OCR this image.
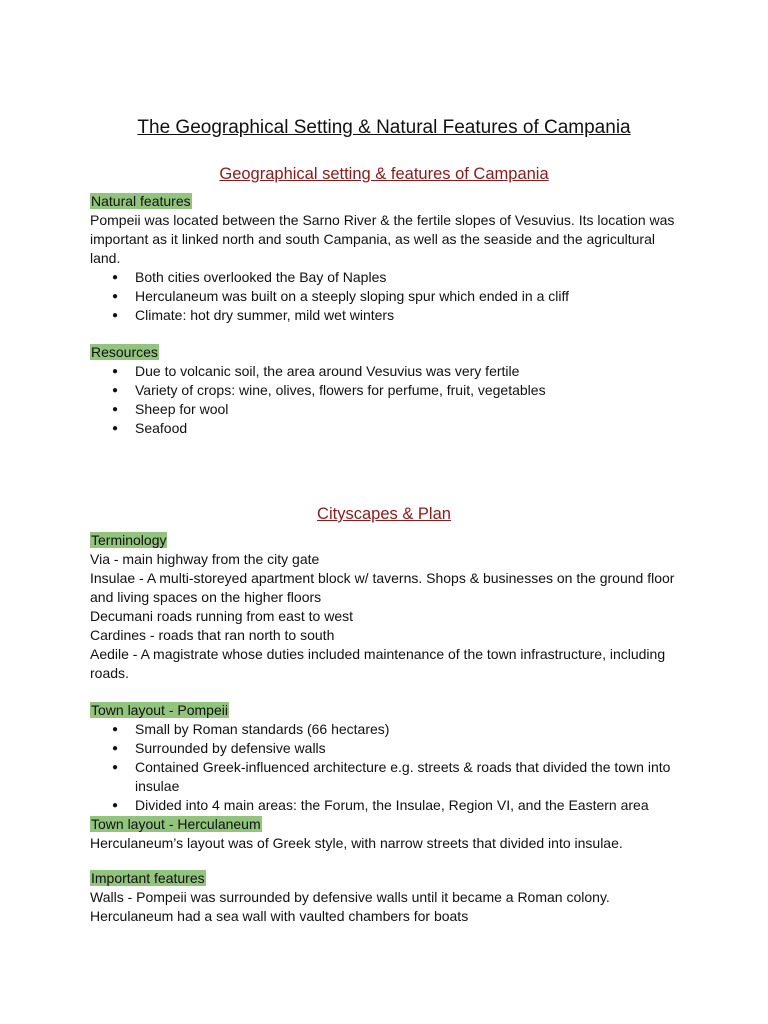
The Geographical Setting & Natural Features of Campania
Geographical setting & features of Campania

Natural features

Pompeii was located between the Sarno River & the fertile slopes of Vesuvius. Its location was important as it linked north and south Campania, as well as the seaside and the agricultural land.

● Both cities overlooked the Bay of Naples
● Herculaneum was built on a steeply sloping spur which ended in a cliff
● Climate: hot dry summer, mild wet winters

Resources

● Due to volcanic soil, the area around Vesuvius was very fertile
● Variety of crops: wine, olives, flowers for perfume, fruit, vegetables
● Sheep for wool
● Seafood
Cityscapes & Plan

Terminology

Via - main highway from the city gate

Insulae - A multi-storeyed apartment block w/ taverns. Shops & businesses on the ground floor and living spaces on the higher floors

Decumani roads running from east to west

Cardines - roads that ran north to south

Aedile - A magistrate whose duties included maintenance of the town infrastructure, including roads.

Town layout - Pompeii

● Small by Roman standards (66 hectares)
● Surrounded by defensive walls
● Contained Greek-influenced architecture e.g. streets & roads that divided the town into insulae
● Divided into 4 main areas: the Forum, the Insulae, Region VI, and the Eastern area

Town layout - Herculaneum

Herculaneum’s layout was of Greek style, with narrow streets that divided into insulae.

Important features

Walls - Pompeii was surrounded by defensive walls until it became a Roman colony.

Herculaneum had a sea wall with vaulted chambers for boats
